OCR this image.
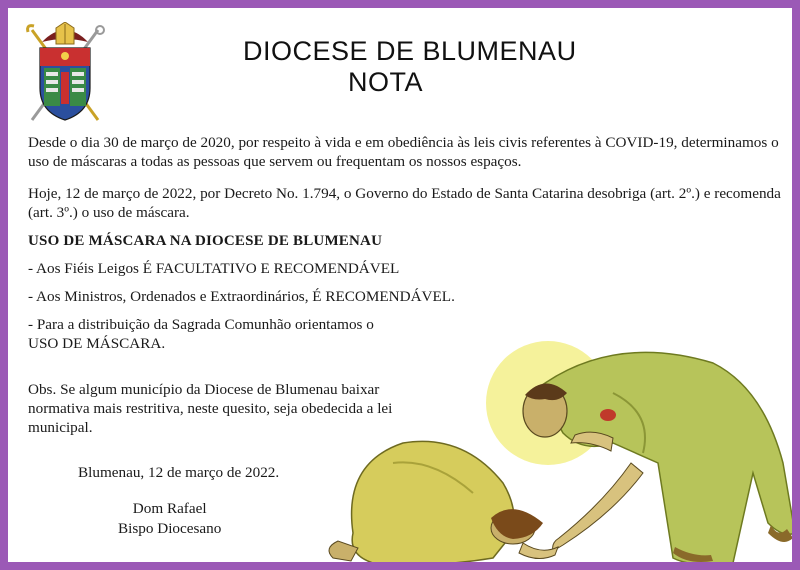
DIOCESE DE BLUMENAU
NOTA
Desde o dia 30 de março de 2020, por respeito à vida e em obediência às leis civis referentes à COVID-19, determinamos o uso de máscaras a todas as pessoas que servem ou frequentam os nossos espaços.
Hoje, 12 de março de 2022, por Decreto No. 1.794, o Governo do Estado de Santa Catarina desobriga (art. 2º.) e recomenda (art. 3º.) o uso de máscara.
USO DE MÁSCARA NA DIOCESE DE BLUMENAU
- Aos Fiéis Leigos É FACULTATIVO E RECOMENDÁVEL
- Aos Ministros, Ordenados e Extraordinários, É RECOMENDÁVEL.
- Para a distribuição da Sagrada Comunhão orientamos o USO DE MÁSCARA.
Obs. Se algum município da Diocese de Blumenau baixar normativa mais restritiva, neste quesito, seja obedecida a lei municipal.
Blumenau, 12 de março de 2022.
Dom Rafael
Bispo Diocesano
